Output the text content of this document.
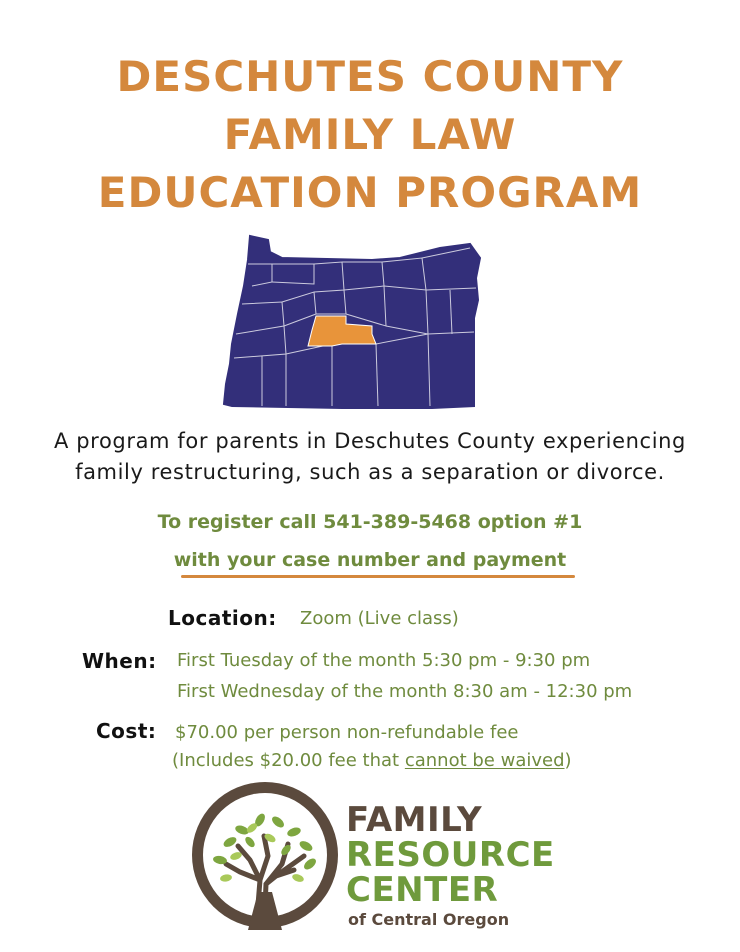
DESCHUTES COUNTY
FAMILY LAW
EDUCATION PROGRAM
A program for parents in Deschutes County experiencing
family restructuring, such as a separation or divorce.
To register call 541-389-5468 option #1
with your case number and payment
Location: Zoom (Live class)
When: First Tuesday of the month 5:30 pm - 9:30 pm
First Wednesday of the month 8:30 am - 12:30 pm
Cost: $70.00 per person non-refundable fee
(Includes $20.00 fee that cannot be waived)
FAMILY
RESOURCE
CENTER
of Central Oregon
